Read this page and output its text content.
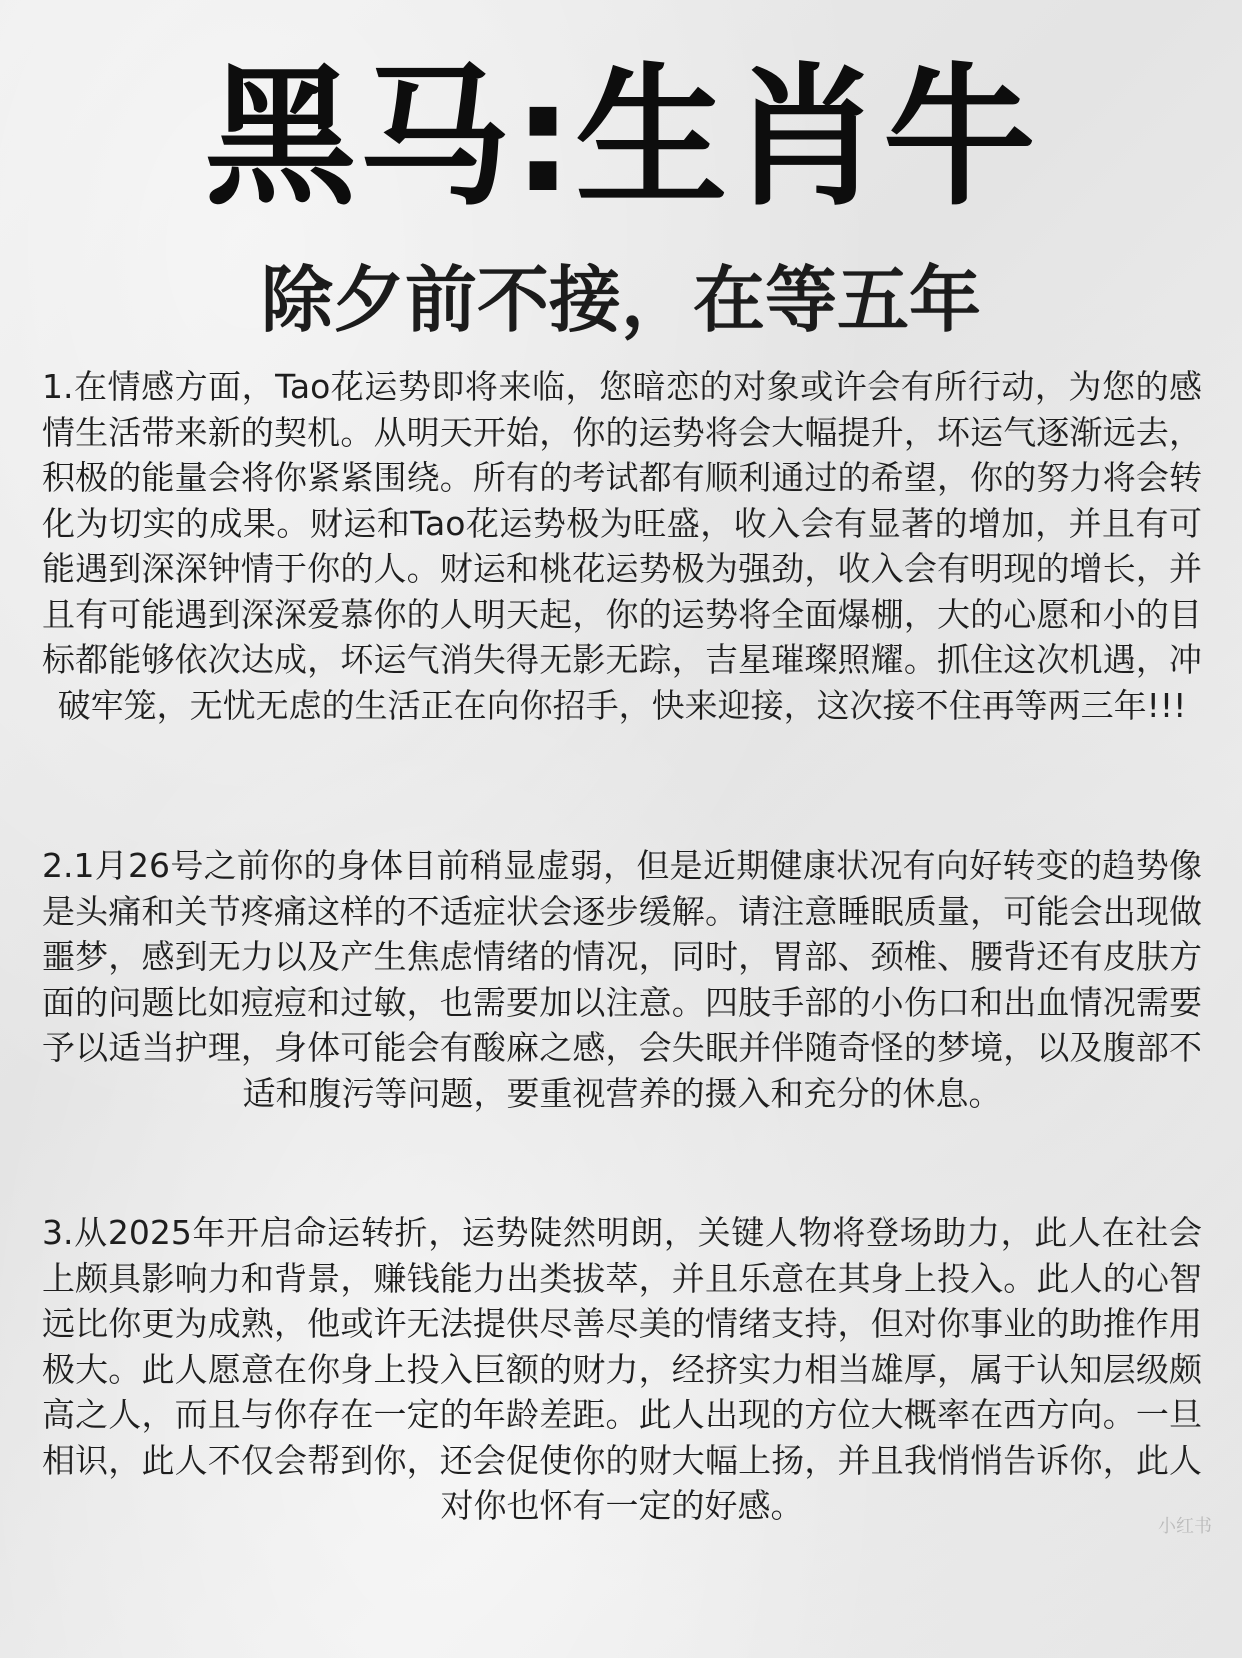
黑马:生肖牛
除夕前不接，在等五年
1.在情感方面，Tao花运势即将来临，您暗恋的对象或许会有所行动，为您的感情生活带来新的契机。从明天开始，你的运势将会大幅提升，坏运气逐渐远去，积极的能量会将你紧紧围绕。所有的考试都有顺利通过的希望，你的努力将会转化为切实的成果。财运和Tao花运势极为旺盛，收入会有显著的增加，并且有可能遇到深深钟情于你的人。财运和桃花运势极为强劲，收入会有明现的增长，并且有可能遇到深深爱慕你的人明天起，你的运势将全面爆棚，大的心愿和小的目标都能够依次达成，坏运气消失得无影无踪，吉星璀璨照耀。抓住这次机遇，冲破牢笼，无忧无虑的生活正在向你招手，快来迎接，这次接不住再等两三年!!!
2.1月26号之前你的身体目前稍显虚弱，但是近期健康状况有向好转变的趋势像是头痛和关节疼痛这样的不适症状会逐步缓解。请注意睡眠质量，可能会出现做噩梦，感到无力以及产生焦虑情绪的情况，同时，胃部、颈椎、腰背还有皮肤方面的问题比如痘痘和过敏，也需要加以注意。四肢手部的小伤口和出血情况需要予以适当护理，身体可能会有酸麻之感，会失眠并伴随奇怪的梦境，以及腹部不适和腹污等问题，要重视营养的摄入和充分的休息。
3.从2025年开启命运转折，运势陡然明朗，关键人物将登场助力，此人在社会上颇具影响力和背景，赚钱能力出类拔萃，并且乐意在其身上投入。此人的心智远比你更为成熟，他或许无法提供尽善尽美的情绪支持，但对你事业的助推作用极大。此人愿意在你身上投入巨额的财力，经挤实力相当雄厚，属于认知层级颇高之人，而且与你存在一定的年龄差距。此人出现的方位大概率在西方向。一旦相识，此人不仅会帮到你，还会促使你的财大幅上扬，并且我悄悄告诉你，此人对你也怀有一定的好感。
小红书
